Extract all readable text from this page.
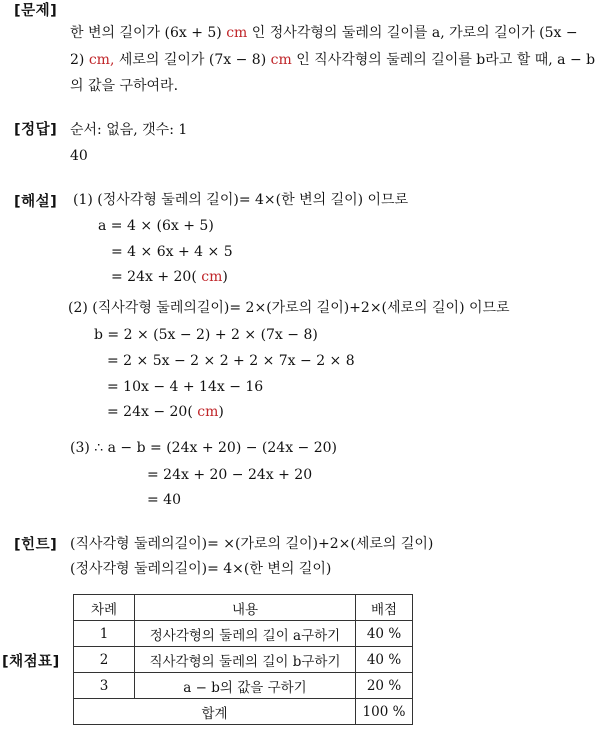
[문제]
[정답]
[해설]
[힌트]
[채점표]
한 변의 길이가 (6x + 5) cm 인 정사각형의 둘레의 길이를 a, 가로의 길이가 (5x −
2) cm, 세로의 길이가 (7x − 8) cm 인 직사각형의 둘레의 길이를 b라고 할 때, a − b
의 값을 구하여라.
순서: 없음, 갯수: 1
40
(1) (정사각형 둘레의 길이)= 4×(한 변의 길이) 이므로
a = 4 × (6x + 5)
= 4 × 6x + 4 × 5
= 24x + 20( cm)
(2) (직사각형 둘레의길이)= 2×(가로의 길이)+2×(세로의 길이) 이므로
b = 2 × (5x − 2) + 2 × (7x − 8)
= 2 × 5x − 2 × 2 + 2 × 7x − 2 × 8
= 10x − 4 + 14x − 16
= 24x − 20( cm)
(3) ∴ a − b = (24x + 20) − (24x − 20)
= 24x + 20 − 24x + 20
= 40
(직사각형 둘레의길이)= ×(가로의 길이)+2×(세로의 길이)
(정사각형 둘레의길이)= 4×(한 변의 길이)
차례	내용	배점
1	정사각형의 둘레의 길이 a구하기	40 %
2	직사각형의 둘레의 길이 b구하기	40 %
3	a − b의 값을 구하기	20 %
합계		100 %
